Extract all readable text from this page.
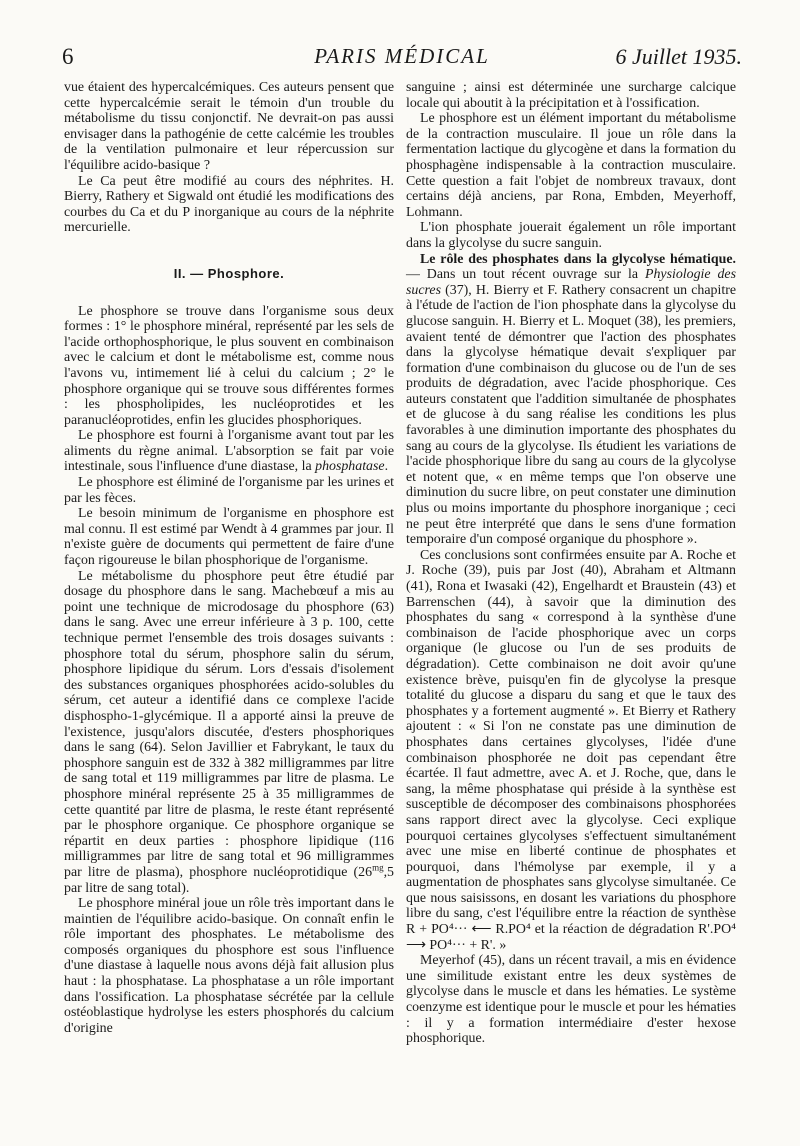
6	PARIS MÉDICAL	6 Juillet 1935.

vue étaient des hypercalcémiques. Ces auteurs pensent que cette hypercalcémie serait le témoin d'un trouble du métabolisme du tissu conjonctif. Ne devrait-on pas aussi envisager dans la pathogénie de cette calcémie les troubles de la ventilation pulmonaire et leur répercussion sur l'équilibre acido-basique ?

Le Ca peut être modifié au cours des néphrites. H. Bierry, Rathery et Sigwald ont étudié les modifications des courbes du Ca et du P inorganique au cours de la néphrite mercurielle.

II. — Phosphore.

Le phosphore se trouve dans l'organisme sous deux formes : 1° le phosphore minéral, représenté par les sels de l'acide orthophosphorique, le plus souvent en combinaison avec le calcium et dont le métabolisme est, comme nous l'avons vu, intimement lié à celui du calcium ; 2° le phosphore organique qui se trouve sous différentes formes : les phospholipides, les nucléoprotides et les paranucléoprotides, enfin les glucides phosphoriques.

Le phosphore est fourni à l'organisme avant tout par les aliments du règne animal. L'absorption se fait par voie intestinale, sous l'influence d'une diastase, la phosphatase.

Le phosphore est éliminé de l'organisme par les urines et par les fèces.

Le besoin minimum de l'organisme en phosphore est mal connu. Il est estimé par Wendt à 4 grammes par jour. Il n'existe guère de documents qui permettent de faire d'une façon rigoureuse le bilan phosphorique de l'organisme.

Le métabolisme du phosphore peut être étudié par dosage du phosphore dans le sang. Machebœuf a mis au point une technique de microdosage du phosphore (63) dans le sang. Avec une erreur inférieure à 3 p. 100, cette technique permet l'ensemble des trois dosages suivants : phosphore total du sérum, phosphore salin du sérum, phosphore lipidique du sérum. Lors d'essais d'isolement des substances organiques phosphorées acido-solubles du sérum, cet auteur a identifié dans ce complexe l'acide disphospho-1-glycémique. Il a apporté ainsi la preuve de l'existence, jusqu'alors discutée, d'esters phosphoriques dans le sang (64). Selon Javillier et Fabrykant, le taux du phosphore sanguin est de 332 à 382 milligrammes par litre de sang total et 119 milligrammes par litre de plasma. Le phosphore minéral représente 25 à 35 milligrammes de cette quantité par litre de plasma, le reste étant représenté par le phosphore organique. Ce phosphore organique se répartit en deux parties : phosphore lipidique (116 milligrammes par litre de sang total et 96 milligrammes par litre de plasma), phosphore nucléoprotidique ($26^{mg},5$ par litre de sang total).

Le phosphore minéral joue un rôle très important dans le maintien de l'équilibre acido-basique. On connaît enfin le rôle important des phosphates. Le métabolisme des composés organiques du phosphore est sous l'influence d'une diastase à laquelle nous avons déjà fait allusion plus haut : la phosphatase. La phosphatase a un rôle important dans l'ossification. La phosphatase sécrétée par la cellule ostéoblastique hydrolyse les esters phosphorés du calcium d'origine

sanguine ; ainsi est déterminée une surcharge calcique locale qui aboutit à la précipitation et à l'ossification.

Le phosphore est un élément important du métabolisme de la contraction musculaire. Il joue un rôle dans la fermentation lactique du glycogène et dans la formation du phosphagène indispensable à la contraction musculaire. Cette question a fait l'objet de nombreux travaux, dont certains déjà anciens, par Rona, Embden, Meyerhoff, Lohmann.

L'ion phosphate jouerait également un rôle important dans la glycolyse du sucre sanguin.

Le rôle des phosphates dans la glycolyse hématique. — Dans un tout récent ouvrage sur la Physiologie des sucres (37), H. Bierry et F. Rathery consacrent un chapitre à l'étude de l'action de l'ion phosphate dans la glycolyse du glucose sanguin. H. Bierry et L. Moquet (38), les premiers, avaient tenté de démontrer que l'action des phosphates dans la glycolyse hématique devait s'expliquer par formation d'une combinaison du glucose ou de l'un de ses produits de dégradation, avec l'acide phosphorique. Ces auteurs constatent que l'addition simultanée de phosphates et de glucose à du sang réalise les conditions les plus favorables à une diminution importante des phosphates du sang au cours de la glycolyse. Ils étudient les variations de l'acide phosphorique libre du sang au cours de la glycolyse et notent que, « en même temps que l'on observe une diminution du sucre libre, on peut constater une diminution plus ou moins importante du phosphore inorganique ; ceci ne peut être interprété que dans le sens d'une formation temporaire d'un composé organique du phosphore ».

Ces conclusions sont confirmées ensuite par A. Roche et J. Roche (39), puis par Jost (40), Abraham et Altmann (41), Rona et Iwasaki (42), Engelhardt et Braustein (43) et Barrenschen (44), à savoir que la diminution des phosphates du sang « correspond à la synthèse d'une combinaison de l'acide phosphorique avec un corps organique (le glucose ou l'un de ses produits de dégradation). Cette combinaison ne doit avoir qu'une existence brève, puisqu'en fin de glycolyse la presque totalité du glucose a disparu du sang et que le taux des phosphates y a fortement augmenté ». Et Bierry et Rathery ajoutent : « Si l'on ne constate pas une diminution de phosphates dans certaines glycolyses, l'idée d'une combinaison phosphorée ne doit pas cependant être écartée. Il faut admettre, avec A. et J. Roche, que, dans le sang, la même phosphatase qui préside à la synthèse est susceptible de décomposer des combinaisons phosphorées sans rapport direct avec la glycolyse. Ceci explique pourquoi certaines glycolyses s'effectuent simultanément avec une mise en liberté continue de phosphates et pourquoi, dans l'hémolyse par exemple, il y a augmentation de phosphates sans glycolyse simultanée. Ce que nous saisissons, en dosant les variations du phosphore libre du sang, c'est l'équilibre entre la réaction de synthèse R + PO⁴··· ⟵ R.PO⁴ et la réaction de dégradation R'.PO⁴ ⟶ PO⁴··· + R'. »

Meyerhof (45), dans un récent travail, a mis en évidence une similitude existant entre les deux systèmes de glycolyse dans le muscle et dans les hématies. Le système coenzyme est identique pour le muscle et pour les hématies : il y a formation intermédiaire d'ester hexose phosphorique.
